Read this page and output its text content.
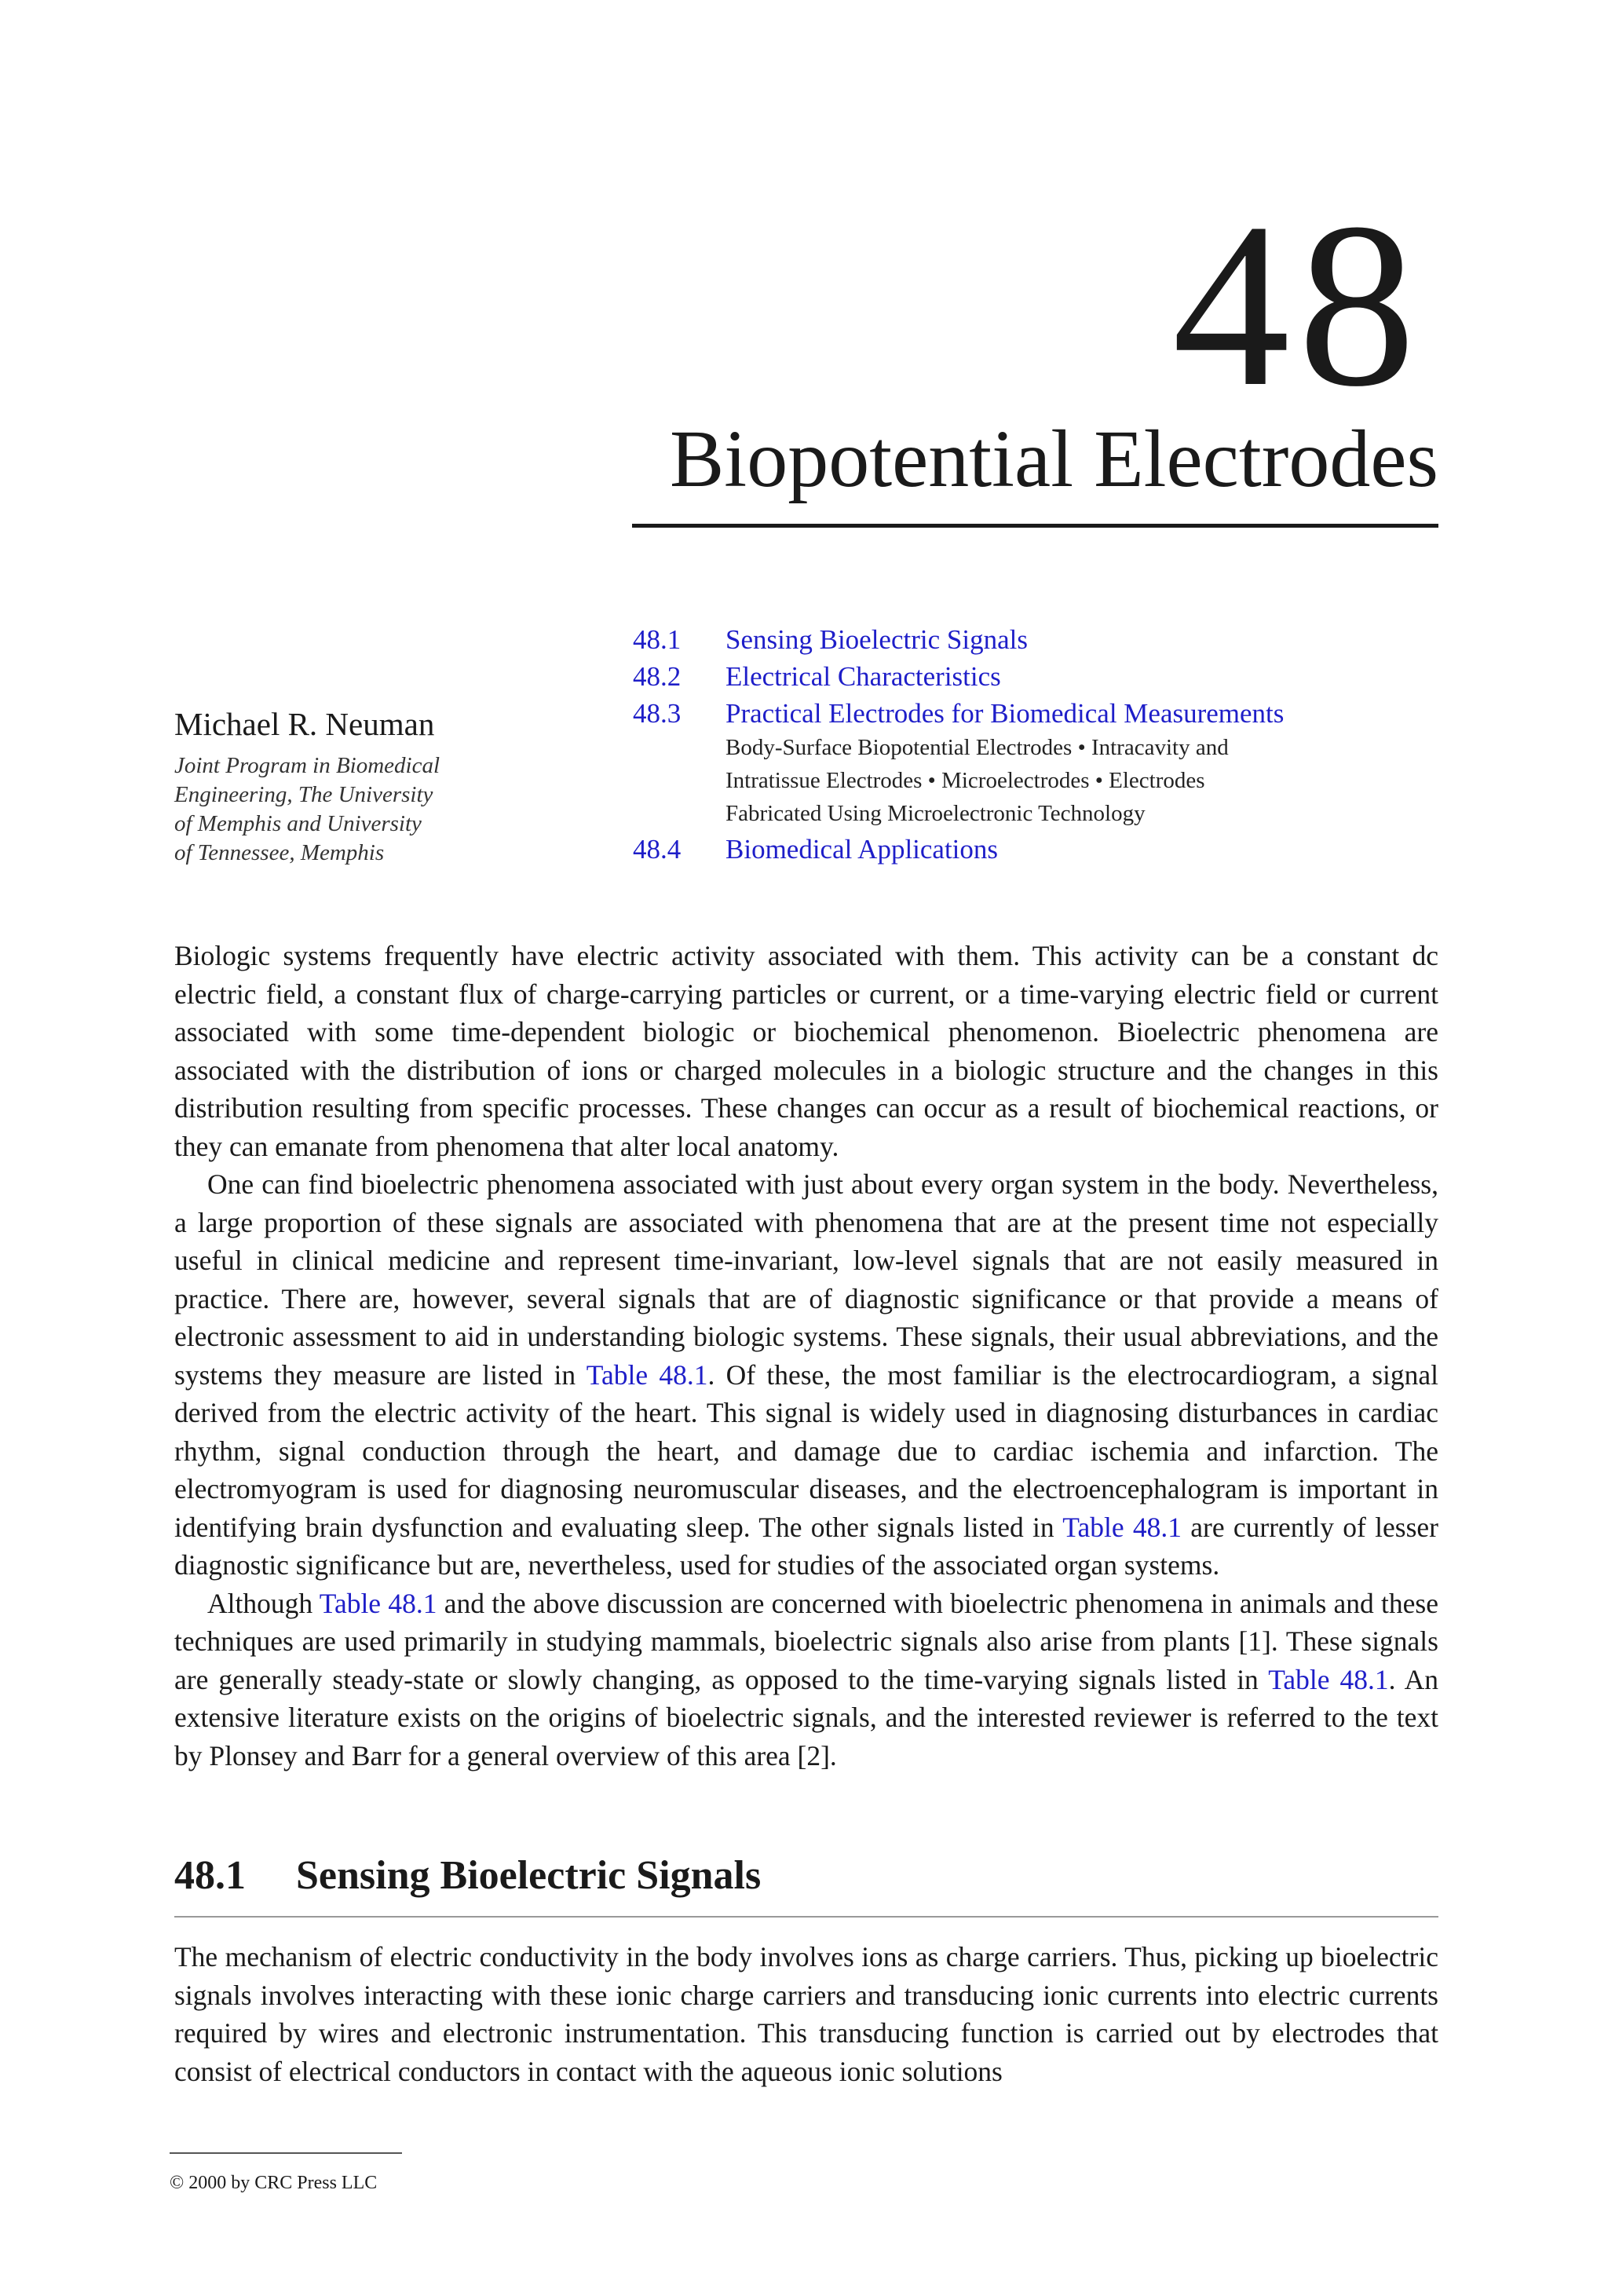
48
Biopotential Electrodes
Michael R. Neuman
Joint Program in Biomedical
Engineering, The University
of Memphis and University
of Tennessee, Memphis
48.1	Sensing Bioelectric Signals
48.2	Electrical Characteristics
48.3	Practical Electrodes for Biomedical Measurements
Body-Surface Biopotential Electrodes • Intracavity and
Intratissue Electrodes • Microelectrodes • Electrodes
Fabricated Using Microelectronic Technology
48.4	Biomedical Applications

Biologic systems frequently have electric activity associated with them. This activity can be a constant dc electric field, a constant flux of charge-carrying particles or current, or a time-varying electric field or current associated with some time-dependent biologic or biochemical phenomenon. Bioelectric phenomena are associated with the distribution of ions or charged molecules in a biologic structure and the changes in this distribution resulting from specific processes. These changes can occur as a result of biochemical reactions, or they can emanate from phenomena that alter local anatomy.

One can find bioelectric phenomena associated with just about every organ system in the body. Nevertheless, a large proportion of these signals are associated with phenomena that are at the present time not especially useful in clinical medicine and represent time-invariant, low-level signals that are not easily measured in practice. There are, however, several signals that are of diagnostic significance or that provide a means of electronic assessment to aid in understanding biologic systems. These signals, their usual abbreviations, and the systems they measure are listed in Table 48.1. Of these, the most familiar is the electrocardiogram, a signal derived from the electric activity of the heart. This signal is widely used in diagnosing disturbances in cardiac rhythm, signal conduction through the heart, and damage due to cardiac ischemia and infarction. The electromyogram is used for diagnosing neuromuscular diseases, and the electroencephalogram is important in identifying brain dysfunction and evaluating sleep. The other signals listed in Table 48.1 are currently of lesser diagnostic significance but are, nevertheless, used for studies of the associated organ systems.

Although Table 48.1 and the above discussion are concerned with bioelectric phenomena in animals and these techniques are used primarily in studying mammals, bioelectric signals also arise from plants [1]. These signals are generally steady-state or slowly changing, as opposed to the time-varying signals listed in Table 48.1. An extensive literature exists on the origins of bioelectric signals, and the interested reviewer is referred to the text by Plonsey and Barr for a general overview of this area [2].

48.1 Sensing Bioelectric Signals

The mechanism of electric conductivity in the body involves ions as charge carriers. Thus, picking up bioelectric signals involves interacting with these ionic charge carriers and transducing ionic currents into electric currents required by wires and electronic instrumentation. This transducing function is carried out by electrodes that consist of electrical conductors in contact with the aqueous ionic solutions

© 2000 by CRC Press LLC
